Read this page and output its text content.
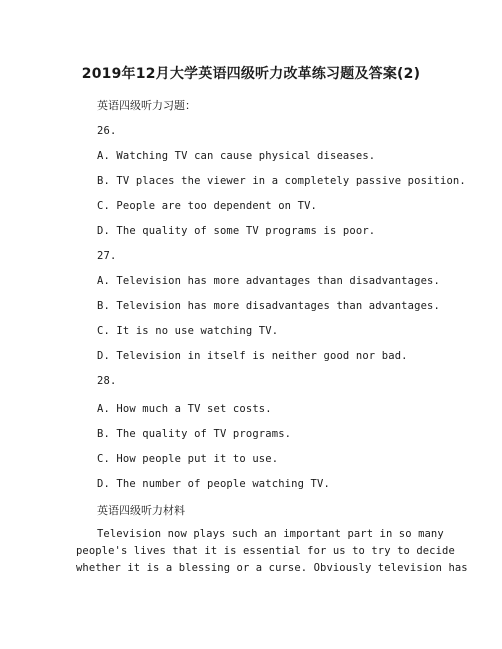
2019年12月大学英语四级听力改革练习题及答案(2)
英语四级听力习题：
26.
A. Watching TV can cause physical diseases.
B. TV places the viewer in a completely passive position.
C. People are too dependent on TV.
D. The quality of some TV programs is poor.
27.
A. Television has more advantages than disadvantages.
B. Television has more disadvantages than advantages.
C. It is no use watching TV.
D. Television in itself is neither good nor bad.
28.
A. How much a TV set costs.
B. The quality of TV programs.
C. How people put it to use.
D. The number of people watching TV.
英语四级听力材料
Television now plays such an important part in so many
people's lives that it is essential for us to try to decide
whether it is a blessing or a curse. Obviously television has
